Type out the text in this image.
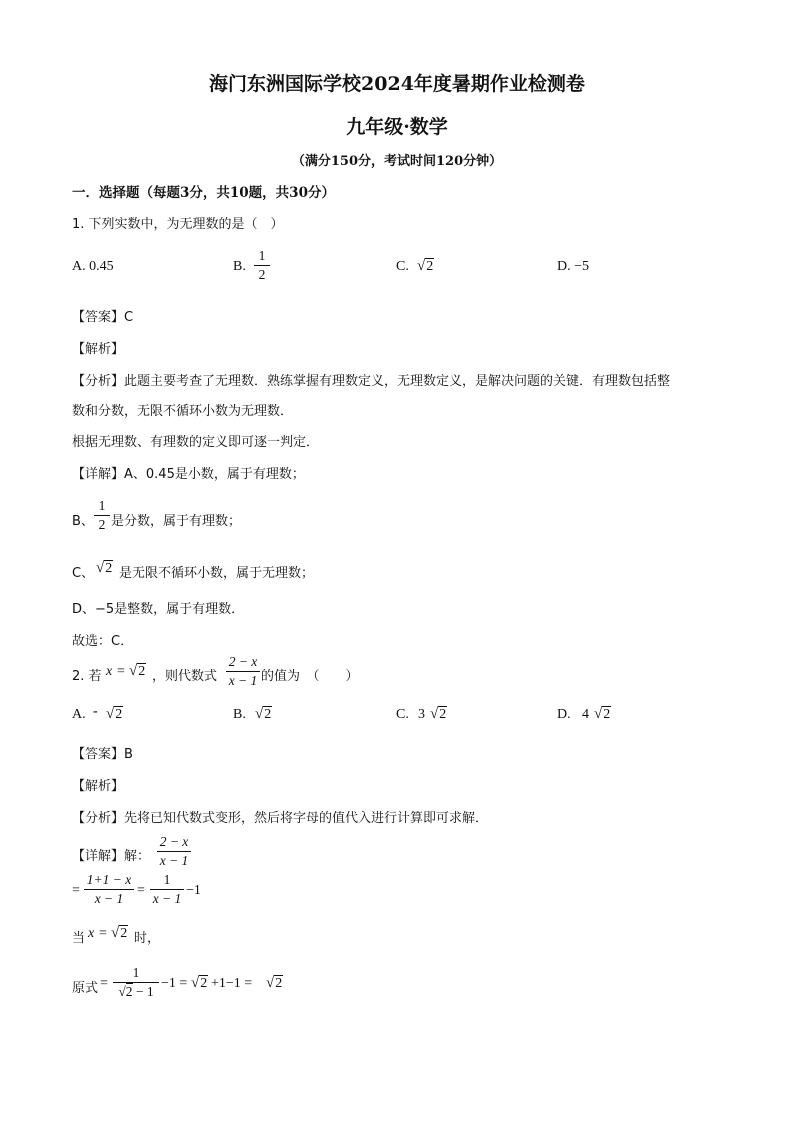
海门东洲国际学校2024年度暑期作业检测卷
九年级·数学
（满分150分，考试时间120分钟）
一．选择题（每题3分，共10题，共30分）
1. 下列实数中，为无理数的是（　）
A. 0.45	B.
1
2
C. √2	D. −5
【答案】C
【解析】
【分析】此题主要考查了无理数．熟练掌握有理数定义，无理数定义，是解决问题的关键．有理数包括整
数和分数，无限不循环小数为无理数．
根据无理数、有理数的定义即可逐一判定．
【详解】A、0.45是小数，属于有理数；
B、
1
2 是分数，属于有理数；
C、 √2 是无限不循环小数，属于无理数；
D、−5是整数，属于有理数．
故选：C．
2. 若 x = √2 ，则代数式
2 − x
x − 1 的值为　（　　）
A. - √2	B. √2	C. 3 √2	D. 4 √2
【答案】B
【解析】
【分析】先将已知代数式变形，然后将字母的值代入进行计算即可求解．
【详解】解：
2 − x
x − 1
=
1+1 − x
x − 1
=
1
x − 1
−1
当 x = √2 时，
原式 =
1
√2 − 1
−1 = √2 +1−1 = √2
